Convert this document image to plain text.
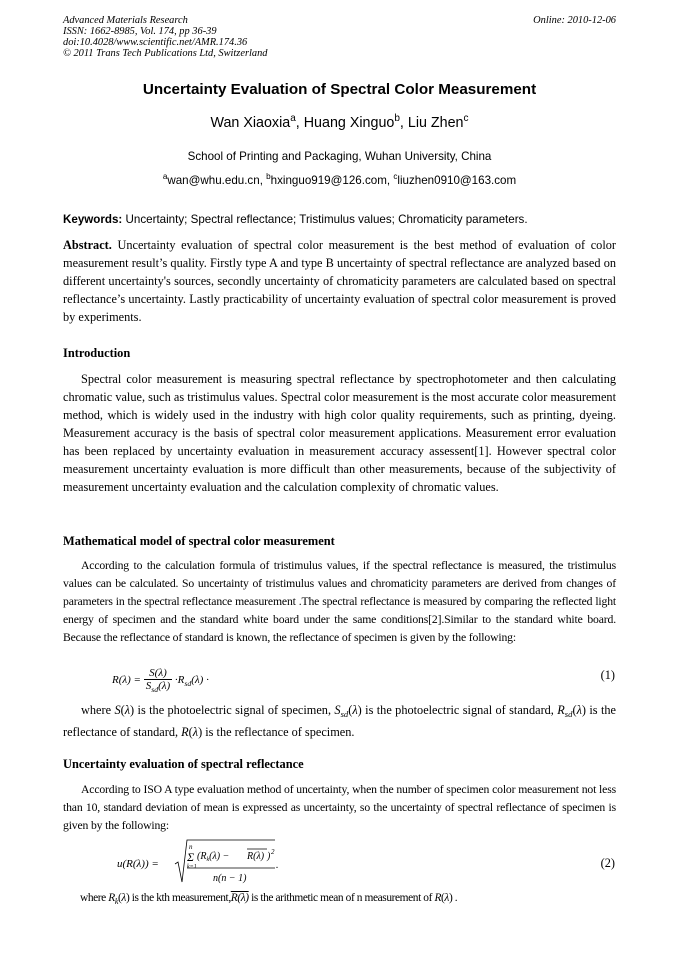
Advanced Materials Research
ISSN: 1662-8985, Vol. 174, pp 36-39
doi:10.4028/www.scientific.net/AMR.174.36
© 2011 Trans Tech Publications Ltd, Switzerland
Online: 2010-12-06
Uncertainty Evaluation of Spectral Color Measurement
Wan Xiaoxia$^a$, Huang Xinguo$^b$, Liu Zhen$^c$
School of Printing and Packaging, Wuhan University, China
$^a$wan@whu.edu.cn, $^b$hxinguo919@126.com, $^c$liuzhen0910@163.com
Keywords: Uncertainty; Spectral reflectance; Tristimulus values; Chromaticity parameters.
Abstract. Uncertainty evaluation of spectral color measurement is the best method of evaluation of color measurement result’s quality. Firstly type A and type B uncertainty of spectral reflectance are analyzed based on different uncertainty's sources, secondly uncertainty of chromaticity parameters are calculated based on spectral reflectance’s uncertainty. Lastly practicability of uncertainty evaluation of spectral color measurement is proved by experiments.
Introduction
Spectral color measurement is measuring spectral reflectance by spectrophotometer and then calculating chromatic value, such as tristimulus values. Spectral color measurement is the most accurate color measurement method, which is widely used in the industry with high color quality requirements, such as printing, dyeing. Measurement accuracy is the basis of spectral color measurement applications. Measurement error evaluation has been replaced by uncertainty evaluation in measurement accuracy assessent[1]. However spectral color measurement uncertainty evaluation is more difficult than other measurements, because of the subjectivity of measurement uncertainty evaluation and the calculation complexity of chromatic values.
Mathematical model of spectral color measurement
According to the calculation formula of tristimulus values, if the spectral reflectance is measured, the tristimulus values can be calculated. So uncertainty of tristimulus values and chromaticity parameters are derived from changes of parameters in the spectral reflectance measurement .The spectral reflectance is measured by comparing the reflected light energy of specimen and the standard white board under the same conditions[2].Similar to the standard white board. Because the reflectance of standard is known, the reflectance of specimen is given by the following:
$R(\lambda) = \frac{S(\lambda)}{S_{sd}(\lambda)} \cdot R_{sd}(\lambda)$ ·	(1)
where S(λ) is the photoelectric signal of specimen, $S_{sd}(\lambda)$ is the photoelectric signal of standard, $R_{sd}(\lambda)$ is the reflectance of standard, R(λ) is the reflectance of specimen.
Uncertainty evaluation of spectral reflectance
According to ISO A type evaluation method of uncertainty, when the number of specimen color measurement not less than 10, standard deviation of mean is expressed as uncertainty, so the uncertainty of spectral reflectance of specimen is given by the following:
u(R(λ)) =
n
Σ
k=1
($R_k(\lambda) - R(\lambda)$ ) 2
n(n − 1)
.	(2)
where $R_k(\lambda)$ is the kth measurement,R(λ) is the arithmetic mean of n measurement of R(λ) .
